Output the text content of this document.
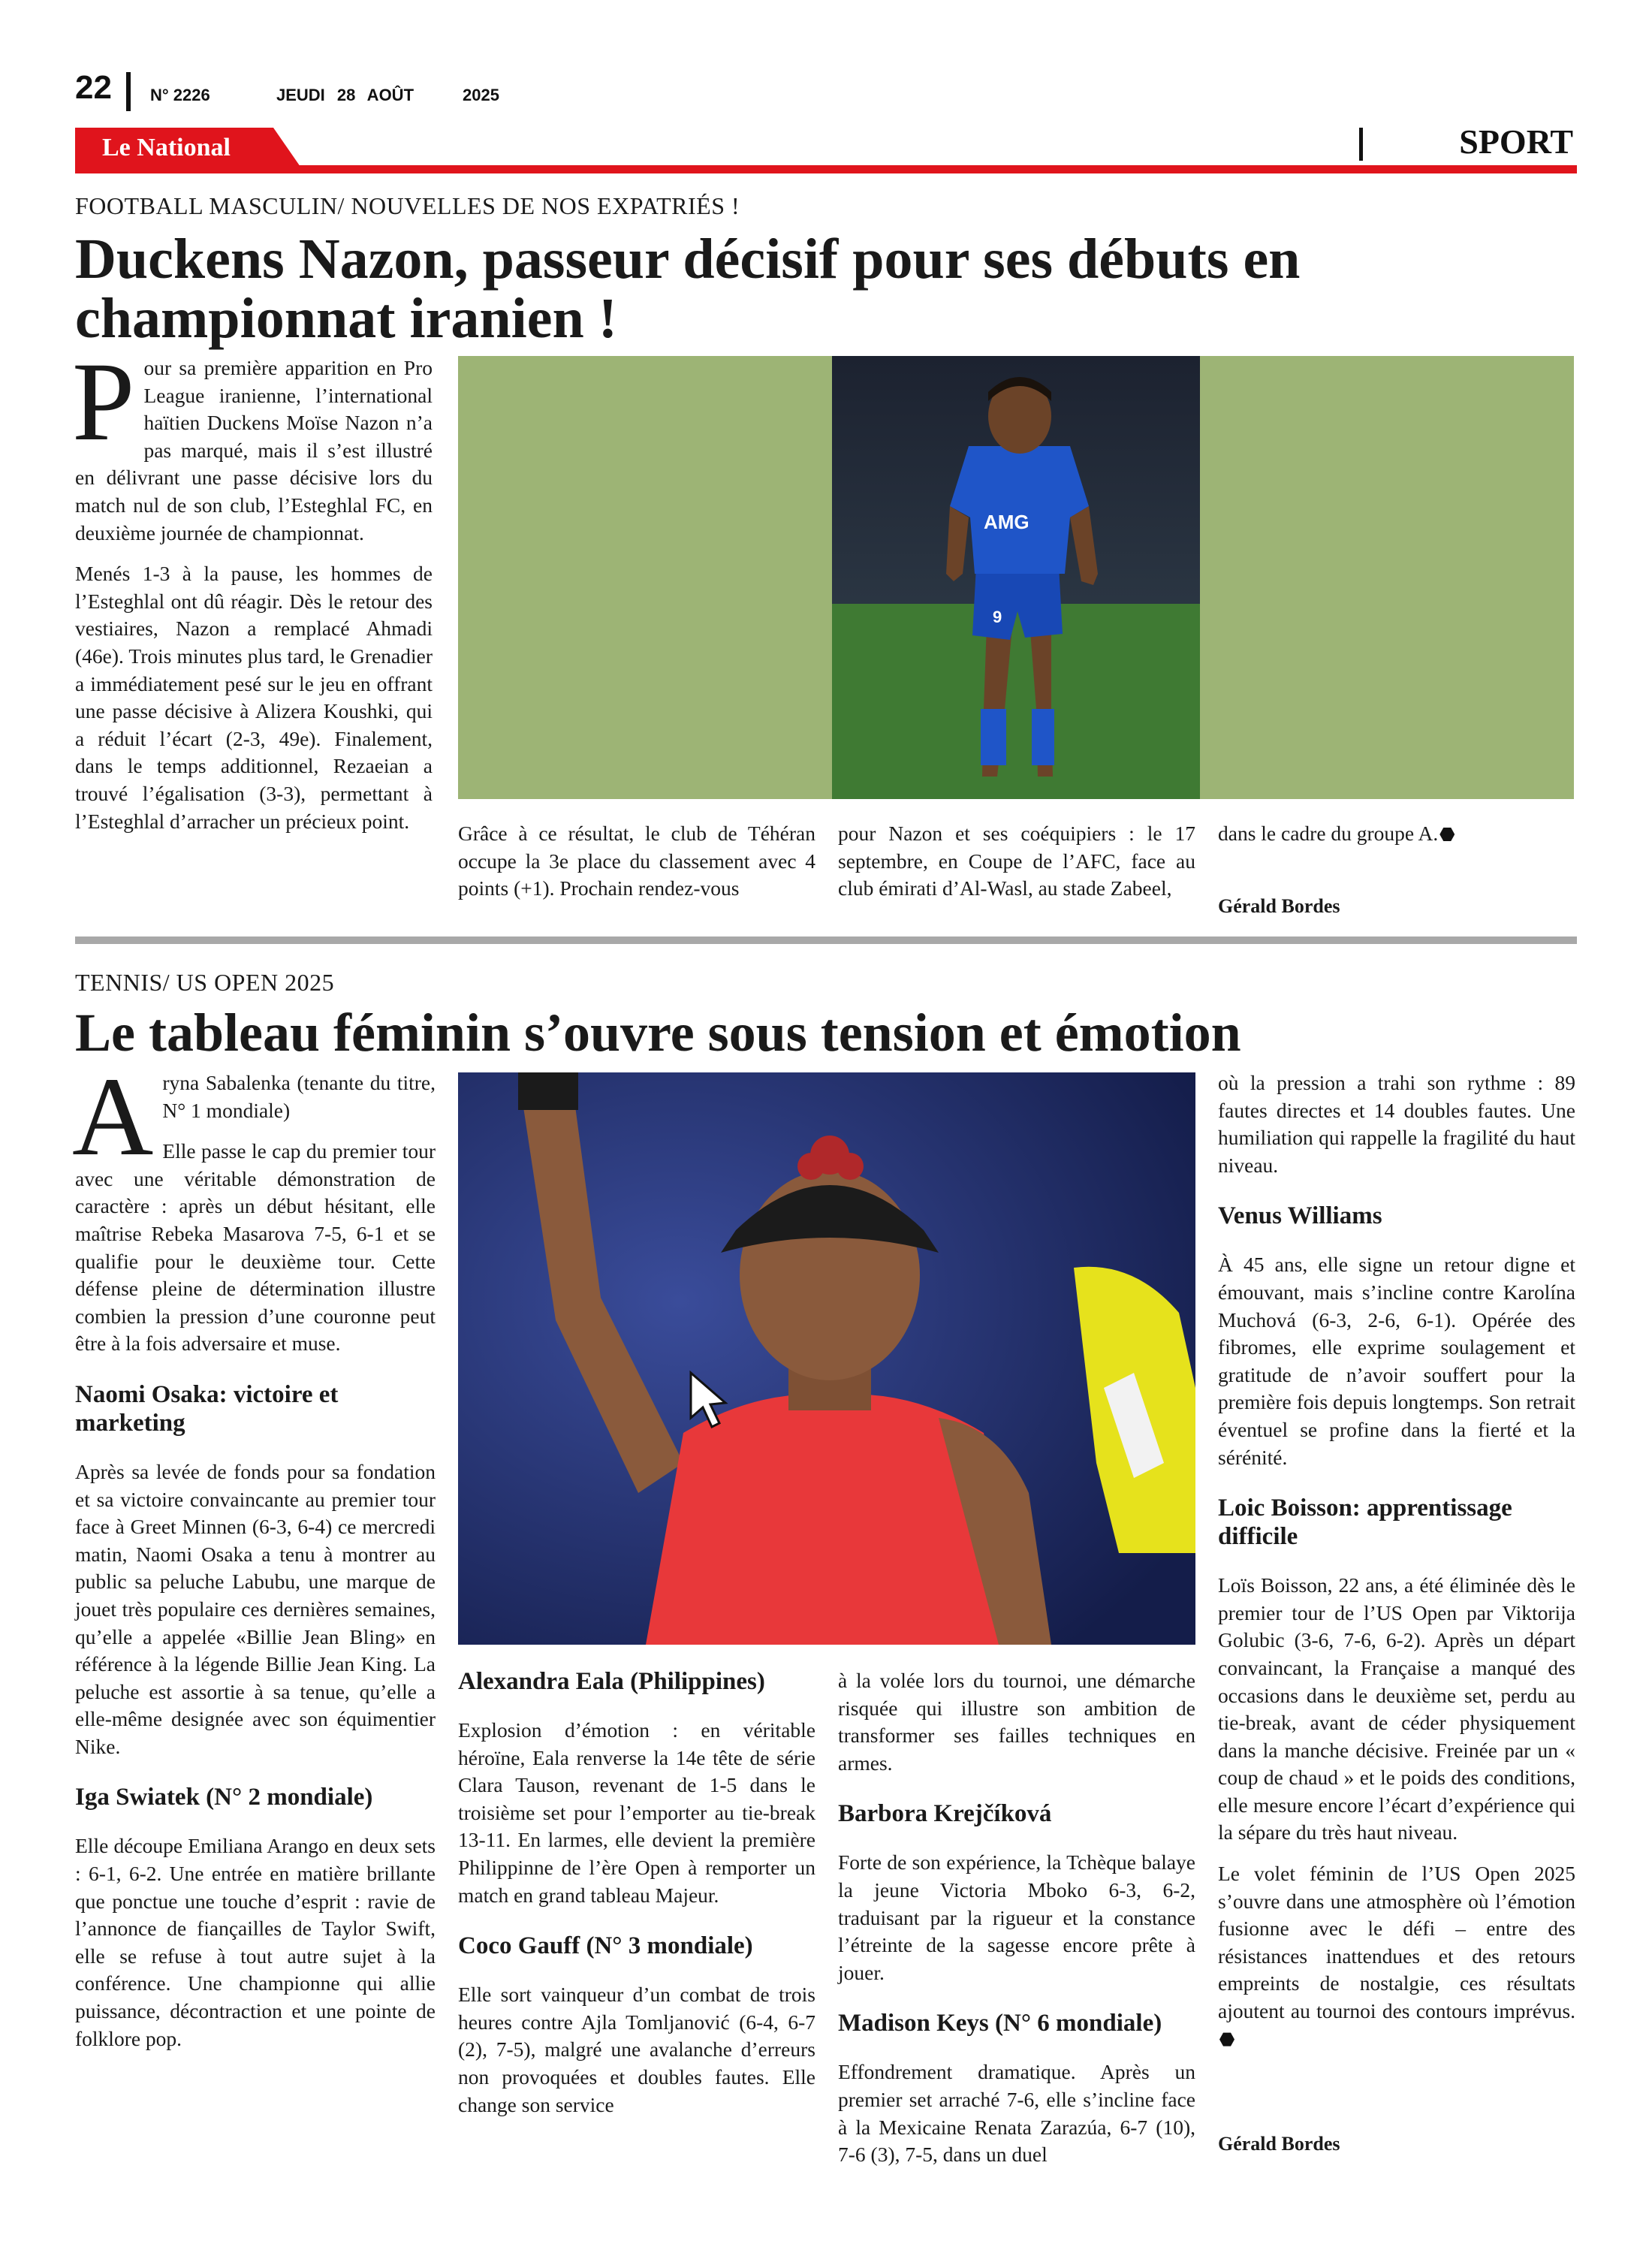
22 N° 2226	JEUDI 28 AOÛT	2025
Le National	SPORT
FOOTBALL MASCULIN/ NOUVELLES DE NOS EXPATRIÉS !
Duckens Nazon, passeur décisif pour ses débuts en championnat iranien !

Pour sa première apparition en Pro League iranienne, l’international haïtien Duckens Moïse Nazon n’a pas marqué, mais il s’est illustré en délivrant une passe décisive lors du match nul de son club, l’Esteghlal FC, en deuxième journée de championnat.

Menés 1-3 à la pause, les hommes de l’Esteghlal ont dû réagir. Dès le retour des vestiaires, Nazon a remplacé Ahmadi (46e). Trois minutes plus tard, le Grenadier a immédiatement pesé sur le jeu en offrant une passe décisive à Alizera Koushki, qui a réduit l’écart (2-3, 49e). Finalement, dans le temps additionnel, Rezaeian a trouvé l’égalisation (3-3), permettant à l’Esteghlal d’arracher un précieux point.

AMG
9

Grâce à ce résultat, le club de Téhéran occupe la 3e place du classement avec 4 points (+1). Prochain rendez-vous

pour Nazon et ses coéquipiers : le 17 septembre, en Coupe de l’AFC, face au club émirati d’Al-Wasl, au stade Zabeel,

dans le cadre du groupe A.

Gérald Bordes
TENNIS/ US OPEN 2025
Le tableau féminin s’ouvre sous tension et émotion

Aryna Sabalenka (tenante du titre, N° 1 mondiale)

Elle passe le cap du premier tour avec une véritable démonstration de caractère : après un début hésitant, elle maîtrise Rebeka Masarova 7-5, 6-1 et se qualifie pour le deuxième tour. Cette défense pleine de détermination illustre combien la pression d’une couronne peut être à la fois adversaire et muse.

Naomi Osaka: victoire et marketing

Après sa levée de fonds pour sa fondation et sa victoire convaincante au premier tour face à Greet Minnen (6-3, 6-4) ce mercredi matin, Naomi Osaka a tenu à montrer au public sa peluche Labubu, une marque de jouet très populaire ces dernières semaines, qu’elle a appelée «Billie Jean Bling» en référence à la légende Billie Jean King. La peluche est assortie à sa tenue, qu’elle a elle-même designée avec son équimentier Nike.

Iga Swiatek (N° 2 mondiale)

Elle découpe Emiliana Arango en deux sets : 6-1, 6-2. Une entrée en matière brillante que ponctue une touche d’esprit : ravie de l’annonce de fiançailles de Taylor Swift, elle se refuse à tout autre sujet à la conférence. Une championne qui allie puissance, décontraction et une pointe de folklore pop.

Alexandra Eala (Philippines)

Explosion d’émotion : en véritable héroïne, Eala renverse la 14e tête de série Clara Tauson, revenant de 1-5 dans le troisième set pour l’emporter au tie-break 13-11. En larmes, elle devient la première Philippinne de l’ère Open à remporter un match en grand tableau Majeur.

Coco Gauff (N° 3 mondiale)

Elle sort vainqueur d’un combat de trois heures contre Ajla Tomljanović (6-4, 6-7 (2), 7-5), malgré une avalanche d’erreurs non provoquées et doubles fautes. Elle change son service

à la volée lors du tournoi, une démarche risquée qui illustre son ambition de transformer ses failles techniques en armes.

Barbora Krejčíková

Forte de son expérience, la Tchèque balaye la jeune Victoria Mboko 6-3, 6-2, traduisant par la rigueur et la constance l’étreinte de la sagesse encore prête à jouer.

Madison Keys (N° 6 mondiale)

Effondrement dramatique. Après un premier set arraché 7-6, elle s’incline face à la Mexicaine Renata Zarazúa, 6-7 (10), 7-6 (3), 7-5, dans un duel

où la pression a trahi son rythme : 89 fautes directes et 14 doubles fautes. Une humiliation qui rappelle la fragilité du haut niveau.

Venus Williams

À 45 ans, elle signe un retour digne et émouvant, mais s’incline contre Karolína Muchová (6-3, 2-6, 6-1). Opérée des fibromes, elle exprime soulagement et gratitude de n’avoir souffert pour la première fois depuis longtemps. Son retrait éventuel se profine dans la fierté et la sérénité.

Loic Boisson: apprentissage difficile

Loïs Boisson, 22 ans, a été éliminée dès le premier tour de l’US Open par Viktorija Golubic (3-6, 7-6, 6-2). Après un départ convaincant, la Française a manqué des occasions dans le deuxième set, perdu au tie-break, avant de céder physiquement dans la manche décisive. Freinée par un « coup de chaud » et le poids des conditions, elle mesure encore l’écart d’expérience qui la sépare du très haut niveau.

Le volet féminin de l’US Open 2025 s’ouvre dans une atmosphère où l’émotion fusionne avec le défi – entre des résistances inattendues et des retours empreints de nostalgie, ces résultats ajoutent au tournoi des contours imprévus.

Gérald Bordes
